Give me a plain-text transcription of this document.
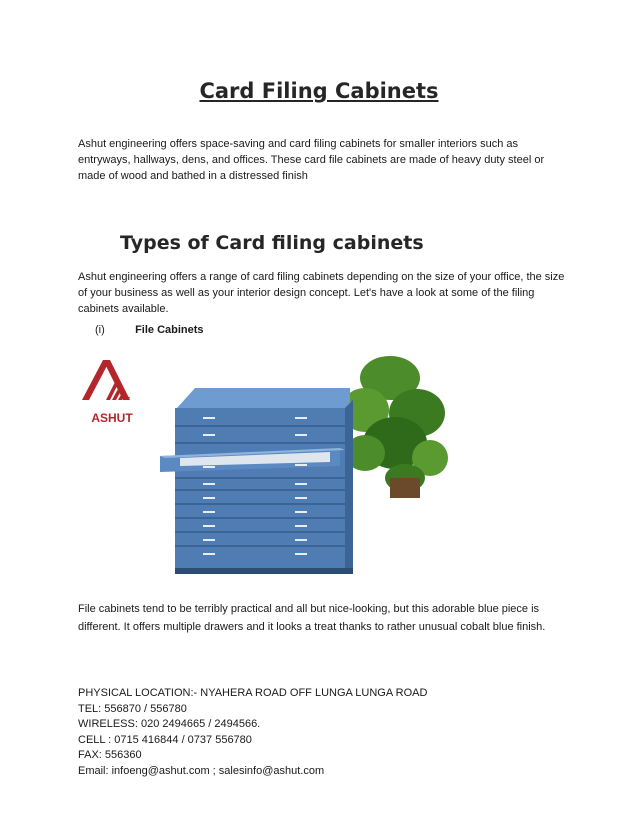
Card Filing Cabinets

Ashut engineering offers space-saving and card filing cabinets for smaller interiors such as entryways, hallways, dens, and offices. These card file cabinets are made of heavy duty steel or made of wood and bathed in a distressed finish

Types of Card filing cabinets

Ashut engineering offers a range of card filing cabinets depending on the size of your office, the size of your business as well as your interior design concept. Let's have a look at some of the filing cabinets available.

(i)	File Cabinets
ASHUT

File cabinets tend to be terribly practical and all but nice-looking, but this adorable blue piece is different. It offers multiple drawers and it looks a treat thanks to rather unusual cobalt blue finish.

PHYSICAL LOCATION:- NYAHERA ROAD OFF LUNGA LUNGA ROAD
TEL: 556870 / 556780
WIRELESS: 020 2494665 / 2494566.
CELL : 0715 416844 / 0737 556780
FAX: 556360
Email: infoeng@ashut.com ; salesinfo@ashut.com
